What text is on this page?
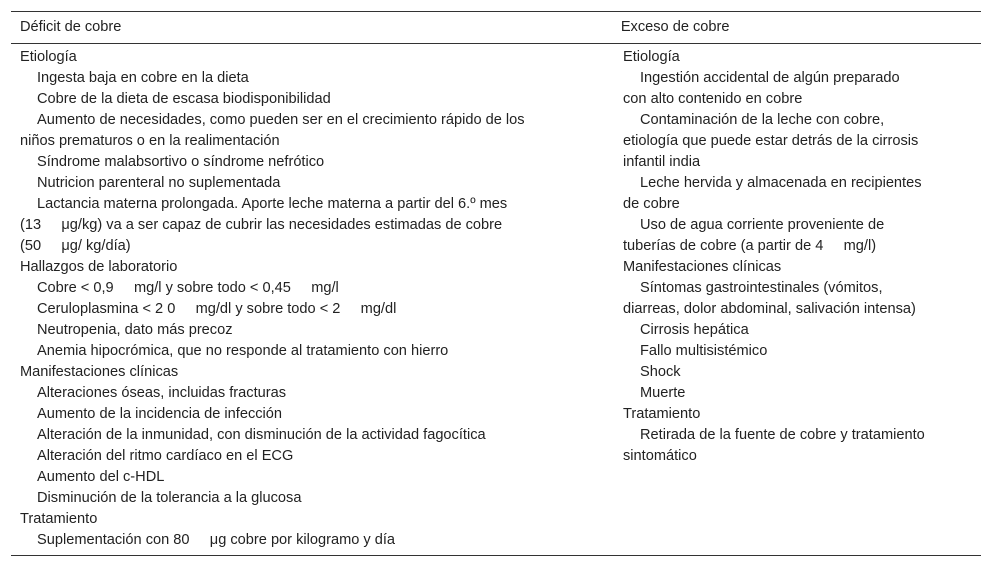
Déficit de cobre	Exceso de cobre
Etiología
Ingesta baja en cobre en la dieta
Cobre de la dieta de escasa biodisponibilidad
Aumento de necesidades, como pueden ser en el crecimiento rápido de los
niños prematuros o en la realimentación
Síndrome malabsortivo o síndrome nefrótico
Nutricion parenteral no suplementada
Lactancia materna prolongada. Aporte leche materna a partir del 6.º mes
(13     μg/kg) va a ser capaz de cubrir las necesidades estimadas de cobre
(50     μg/ kg/día)
Hallazgos de laboratorio
Cobre < 0,9     mg/l y sobre todo < 0,45     mg/l
Ceruloplasmina < 2 0     mg/dl y sobre todo < 2     mg/dl
Neutropenia, dato más precoz
Anemia hipocrómica, que no responde al tratamiento con hierro
Manifestaciones clínicas
Alteraciones óseas, incluidas fracturas
Aumento de la incidencia de infección
Alteración de la inmunidad, con disminución de la actividad fagocítica
Alteración del ritmo cardíaco en el ECG
Aumento del c-HDL
Disminución de la tolerancia a la glucosa
Tratamiento
Suplementación con 80     μg cobre por kilogramo y día
Etiología
Ingestión accidental de algún preparado
con alto contenido en cobre
Contaminación de la leche con cobre,
etiología que puede estar detrás de la cirrosis
infantil india
Leche hervida y almacenada en recipientes
de cobre
Uso de agua corriente proveniente de
tuberías de cobre (a partir de 4     mg/l)
Manifestaciones clínicas
Síntomas gastrointestinales (vómitos,
diarreas, dolor abdominal, salivación intensa)
Cirrosis hepática
Fallo multisistémico
Shock
Muerte
Tratamiento
Retirada de la fuente de cobre y tratamiento
sintomático
